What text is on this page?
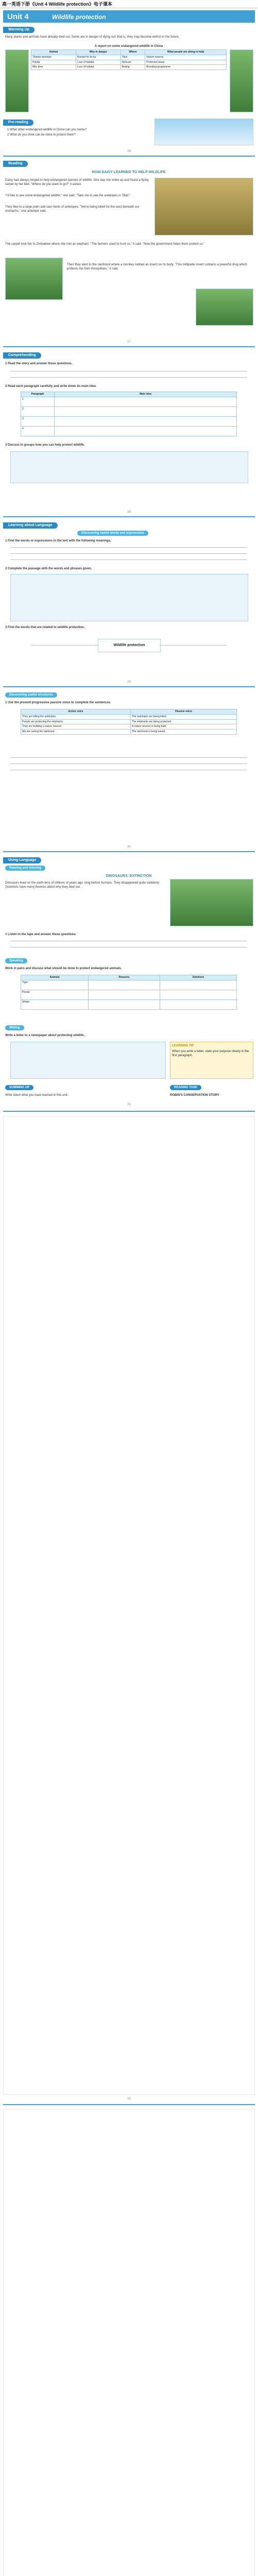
高一英语下册《Unit 4 Wildlife protection》电子课本
Unit 4	Wildlife protection
Warming Up
Many plants and animals have already died out. Some are in danger of dying out; that is, they may become extinct in the future.
A report on some endangered wildlife in China
Animal	Why in danger	Where	What people are doing to help
Tibetan antelope	Hunted for its fur	Tibet	Nature reserve
Panda	Loss of habitat	Sichuan	Protected areas
Milu deer	Loss of habitat	Beijing	Breeding programme
Pre-reading
1 What other endangered wildlife in China can you name?
2 What do you think can be done to protect them?
26
Reading
HOW DAISY LEARNED TO HELP WILDLIFE
Daisy had always longed to help endangered species of wildlife. One day she woke up and found a flying carpet by her bed. "Where do you want to go?" it asked.
"I'd like to see some endangered wildlife," she said. "Take me to see the antelopes in Tibet."
They flew to a large plain and saw herds of antelopes. "We're being killed for the wool beneath our stomachs," one antelope said.
The carpet took her to Zimbabwe where she met an elephant. "The farmers used to hunt us," it said. "Now the government helps them protect us."
Then they went to the rainforest where a monkey rubbed an insect on its body. "This millipede insect contains a powerful drug which protects me from mosquitoes," it said.
27
Comprehending
1 Read the story and answer these questions.
2 Read each paragraph carefully and write down its main idea.
Paragraph	Main idea
1	
2	
3	
4	
3 Discuss in groups how you can help protect wildlife.
28
Learning about Language
Discovering useful words and expressions
1 Find the words or expressions in the text with the following meanings.
2 Complete the passage with the words and phrases given.
3 Find the words that are related to wildlife protection.
Wildlife protection
29
Discovering useful structures
1 Use the present progressive passive voice to complete the sentences.
Active voice	Passive voice
They are killing the antelopes.	The antelopes are being killed.
People are protecting the elephants.	The elephants are being protected.
They are building a nature reserve.	A nature reserve is being built.
We are saving the rainforest.	The rainforest is being saved.
30
Using Language
Reading and listening
DINOSAURS: EXTINCTION
Dinosaurs lived on the earth tens of millions of years ago, long before humans. They disappeared quite suddenly. Scientists have many theories about why they died out.
1 Listen to the tape and answer these questions.
Speaking
Work in pairs and discuss what should be done to protect endangered animals.
Animals	Reasons	Solutions
Tiger		
Panda		
Whale		
Writing
Write a letter to a newspaper about protecting wildlife.
LEARNING TIP
When you write a letter, state your purpose clearly in the first paragraph.
SUMMING UP
Write down what you have learned in this unit.
READING TASK
ROBIN'S CONSERVATION STORY
31
32
